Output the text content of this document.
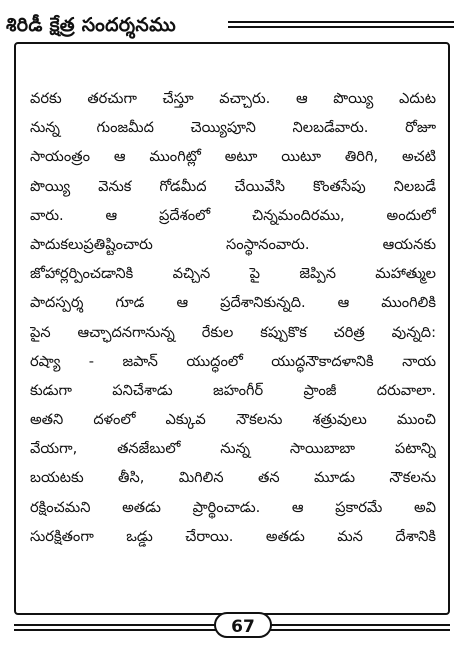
శిరిడీ క్షేత్ర సందర్శనము
వరకు తరచుగా చేస్తూ వచ్చారు. ఆ పొయ్యి ఎదుట
నున్న గుంజమీద చెయ్యిపూని నిలబడేవారు. రోజూ
సాయంత్రం ఆ ముంగిట్లో అటూ యిటూ తిరిగి, అచటి
పొయ్యి వెనుక గోడమీద చేయివేసి కొంతసేపు నిలబడే
వారు. ఆ ప్రదేశంలో చిన్నమందిరము, అందులో
పాదుకలుప్రతిష్టించారు సంస్థానంవారు. ఆయనకు
జోహార్లర్పించడానికి వచ్చిన పై జెప్పిన మహాత్ముల
పాదస్పర్శ గూడ ఆ ప్రదేశానికున్నది. ఆ ముంగిలికి
పైన ఆచ్ఛాదనగానున్న రేకుల కప్పుకొక చరిత్ర వున్నది:
రష్యా - జపాన్ యుద్ధంలో యుద్ధనౌకాదళానికి నాయ
కుడుగా పనిచేశాడు జహంగీర్ ప్రాంజీ దరువాలా.
అతని దళంలో ఎక్కువ నౌకలను శత్రువులు ముంచి
వేయగా, తనజేబులో నున్న సాయిబాబా పటాన్ని
బయటకు తీసి, మిగిలిన తన మూడు నౌకలను
రక్షించమని అతడు ప్రార్థించాడు. ఆ ప్రకారమే అవి
సురక్షితంగా ఒడ్డు చేరాయి. అతడు మన దేశానికి
67
